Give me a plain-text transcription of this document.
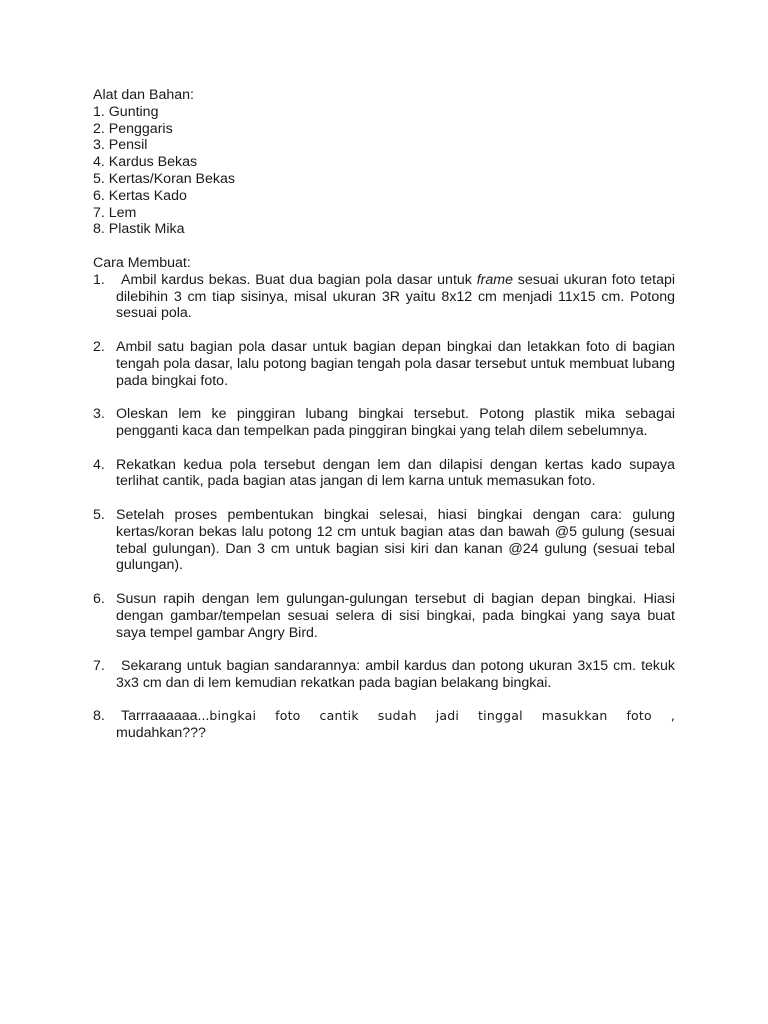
Alat dan Bahan:

1. Gunting
2. Penggaris
3. Pensil
4. Kardus Bekas
5. Kertas/Koran Bekas
6. Kertas Kado
7. Lem
8. Plastik Mika

Cara Membuat:

1. Ambil kardus bekas. Buat dua bagian pola dasar untuk frame sesuai ukuran foto tetapi dilebihin 3 cm tiap sisinya, misal ukuran 3R yaitu 8x12 cm menjadi 11x15 cm. Potong sesuai pola.
2. Ambil satu bagian pola dasar untuk bagian depan bingkai dan letakkan foto di bagian tengah pola dasar, lalu potong bagian tengah pola dasar tersebut untuk membuat lubang pada bingkai foto.
3. Oleskan lem ke pinggiran lubang bingkai tersebut. Potong plastik mika sebagai pengganti kaca dan tempelkan pada pinggiran bingkai yang telah dilem sebelumnya.
4. Rekatkan kedua pola tersebut dengan lem dan dilapisi dengan kertas kado supaya terlihat cantik, pada bagian atas jangan di lem karna untuk memasukan foto.
5. Setelah proses pembentukan bingkai selesai, hiasi bingkai dengan cara: gulung kertas/koran bekas lalu potong 12 cm untuk bagian atas dan bawah @5 gulung (sesuai tebal gulungan). Dan 3 cm untuk bagian sisi kiri dan kanan @24 gulung (sesuai tebal gulungan).
6. Susun rapih dengan lem gulungan-gulungan tersebut di bagian depan bingkai. Hiasi dengan gambar/tempelan sesuai selera di sisi bingkai, pada bingkai yang saya buat saya tempel gambar Angry Bird.
7. Sekarang untuk bagian sandarannya: ambil kardus dan potong ukuran 3x15 cm. tekuk 3x3 cm dan di lem kemudian rekatkan pada bagian belakang bingkai.
8.	Tarrraaaaaa...bingkai foto cantik sudah jadi tinggal masukkan foto ,
mudahkan???
